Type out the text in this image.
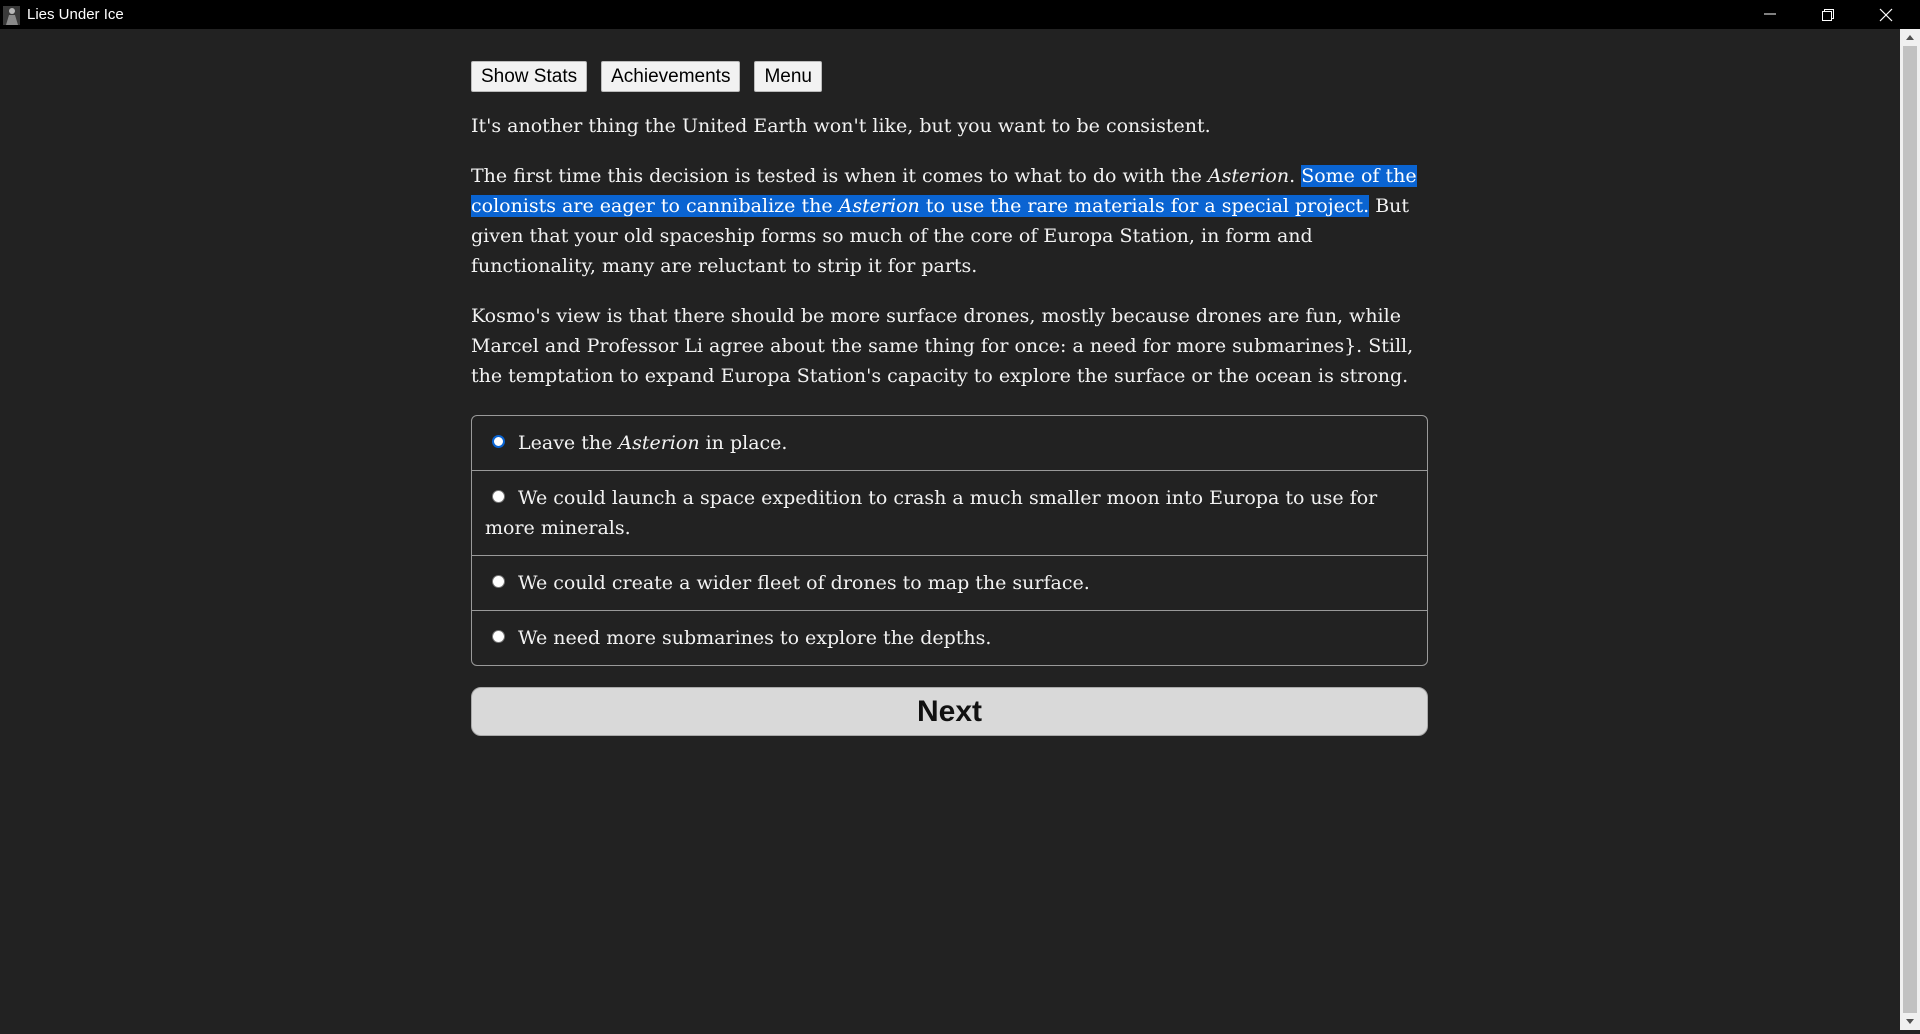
Lies Under Ice
Show Stats Achievements Menu

It's another thing the United Earth won't like, but you want to be consistent.

The first time this decision is tested is when it comes to what to do with the Asterion. Some of the colonists are eager to cannibalize the Asterion to use the rare materials for a special project. But given that your old spaceship forms so much of the core of Europa Station, in form and functionality, many are reluctant to strip it for parts.

Kosmo's view is that there should be more surface drones, mostly because drones are fun, while Marcel and Professor Li agree about the same thing for once: a need for more submarines}. Still, the temptation to expand Europa Station's capacity to explore the surface or the ocean is strong.

Leave the Asterion in place.
We could launch a space expedition to crash a much smaller moon into Europa to use for more minerals.
We could create a wider fleet of drones to map the surface.
We need more submarines to explore the depths.
Next
